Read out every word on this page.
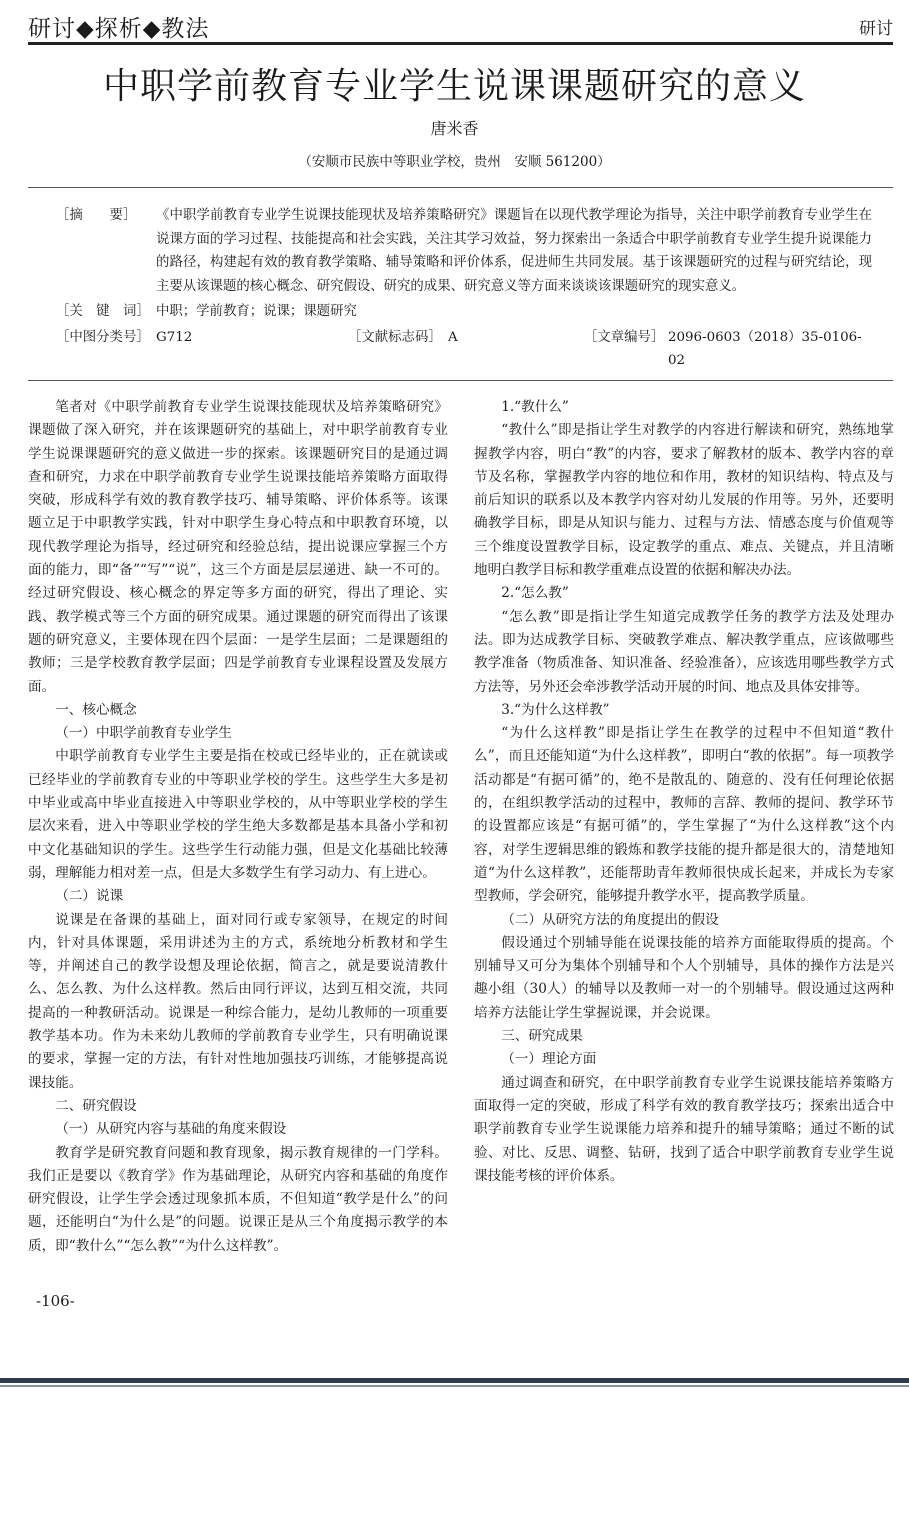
研讨◆探析◆教法	研讨
中职学前教育专业学生说课课题研究的意义
唐米香
（安顺市民族中等职业学校，贵州　安顺 561200）
［摘　　要］	《中职学前教育专业学生说课技能现状及培养策略研究》课题旨在以现代教学理论为指导，关注中职学前教育专业学生在说课方面的学习过程、技能提高和社会实践，关注其学习效益，努力探索出一条适合中职学前教育专业学生提升说课能力的路径，构建起有效的教育教学策略、辅导策略和评价体系，促进师生共同发展。基于该课题研究的过程与研究结论，现主要从该课题的核心概念、研究假设、研究的成果、研究意义等方面来谈谈该课题研究的现实意义。
［关　键　词］ 中职；学前教育；说课；课题研究
［中图分类号］ G712	［文献标志码］ A	［文章编号］ 2096-0603（2018）35-0106-02

笔者对《中职学前教育专业学生说课技能现状及培养策略研究》课题做了深入研究，并在该课题研究的基础上，对中职学前教育专业学生说课课题研究的意义做进一步的探索。该课题研究目的是通过调查和研究，力求在中职学前教育专业学生说课技能培养策略方面取得突破，形成科学有效的教育教学技巧、辅导策略、评价体系等。该课题立足于中职教学实践，针对中职学生身心特点和中职教育环境，以现代教学理论为指导，经过研究和经验总结，提出说课应掌握三个方面的能力，即“备”“写”“说”，这三个方面是层层递进、缺一不可的。经过研究假设、核心概念的界定等多方面的研究，得出了理论、实践、教学模式等三个方面的研究成果。通过课题的研究而得出了该课题的研究意义，主要体现在四个层面：一是学生层面；二是课题组的教师；三是学校教育教学层面；四是学前教育专业课程设置及发展方面。

一、核心概念

（一）中职学前教育专业学生

中职学前教育专业学生主要是指在校或已经毕业的，正在就读或已经毕业的学前教育专业的中等职业学校的学生。这些学生大多是初中毕业或高中毕业直接进入中等职业学校的，从中等职业学校的学生层次来看，进入中等职业学校的学生绝大多数都是基本具备小学和初中文化基础知识的学生。这些学生行动能力强，但是文化基础比较薄弱，理解能力相对差一点，但是大多数学生有学习动力、有上进心。

（二）说课

说课是在备课的基础上，面对同行或专家领导，在规定的时间内，针对具体课题，采用讲述为主的方式，系统地分析教材和学生等，并阐述自己的教学设想及理论依据，简言之，就是要说清教什么、怎么教、为什么这样教。然后由同行评议，达到互相交流，共同提高的一种教研活动。说课是一种综合能力，是幼儿教师的一项重要教学基本功。作为未来幼儿教师的学前教育专业学生，只有明确说课的要求，掌握一定的方法，有针对性地加强技巧训练，才能够提高说课技能。

二、研究假设

（一）从研究内容与基础的角度来假设

教育学是研究教育问题和教育现象，揭示教育规律的一门学科。我们正是要以《教育学》作为基础理论，从研究内容和基础的角度作研究假设，让学生学会透过现象抓本质，不但知道“教学是什么”的问题，还能明白“为什么是”的问题。说课正是从三个角度揭示教学的本质，即“教什么”“怎么教”“为什么这样教”。

1.“教什么”

“教什么”即是指让学生对教学的内容进行解读和研究，熟练地掌握教学内容，明白“教”的内容，要求了解教材的版本、教学内容的章节及名称，掌握教学内容的地位和作用，教材的知识结构、特点及与前后知识的联系以及本教学内容对幼儿发展的作用等。另外，还要明确教学目标，即是从知识与能力、过程与方法、情感态度与价值观等三个维度设置教学目标，设定教学的重点、难点、关键点，并且清晰地明白教学目标和教学重难点设置的依据和解决办法。

2.“怎么教”

“怎么教”即是指让学生知道完成教学任务的教学方法及处理办法。即为达成教学目标、突破教学难点、解决教学重点，应该做哪些教学准备（物质准备、知识准备、经验准备），应该选用哪些教学方式方法等，另外还会牵涉教学活动开展的时间、地点及具体安排等。

3.“为什么这样教”

“为什么这样教”即是指让学生在教学的过程中不但知道“教什么”，而且还能知道“为什么这样教”，即明白“教的依据”。每一项教学活动都是“有据可循”的，绝不是散乱的、随意的、没有任何理论依据的，在组织教学活动的过程中，教师的言辞、教师的提问、教学环节的设置都应该是“有据可循”的，学生掌握了“为什么这样教”这个内容，对学生逻辑思维的锻炼和教学技能的提升都是很大的，清楚地知道“为什么这样教”，还能帮助青年教师很快成长起来，并成长为专家型教师，学会研究，能够提升教学水平，提高教学质量。

（二）从研究方法的角度提出的假设

假设通过个别辅导能在说课技能的培养方面能取得质的提高。个别辅导又可分为集体个别辅导和个人个别辅导，具体的操作方法是兴趣小组（30人）的辅导以及教师一对一的个别辅导。假设通过这两种培养方法能让学生掌握说课，并会说课。

三、研究成果

（一）理论方面

通过调查和研究，在中职学前教育专业学生说课技能培养策略方面取得一定的突破，形成了科学有效的教育教学技巧；探索出适合中职学前教育专业学生说课能力培养和提升的辅导策略；通过不断的试验、对比、反思、调整、钻研，找到了适合中职学前教育专业学生说课技能考核的评价体系。

-106-
